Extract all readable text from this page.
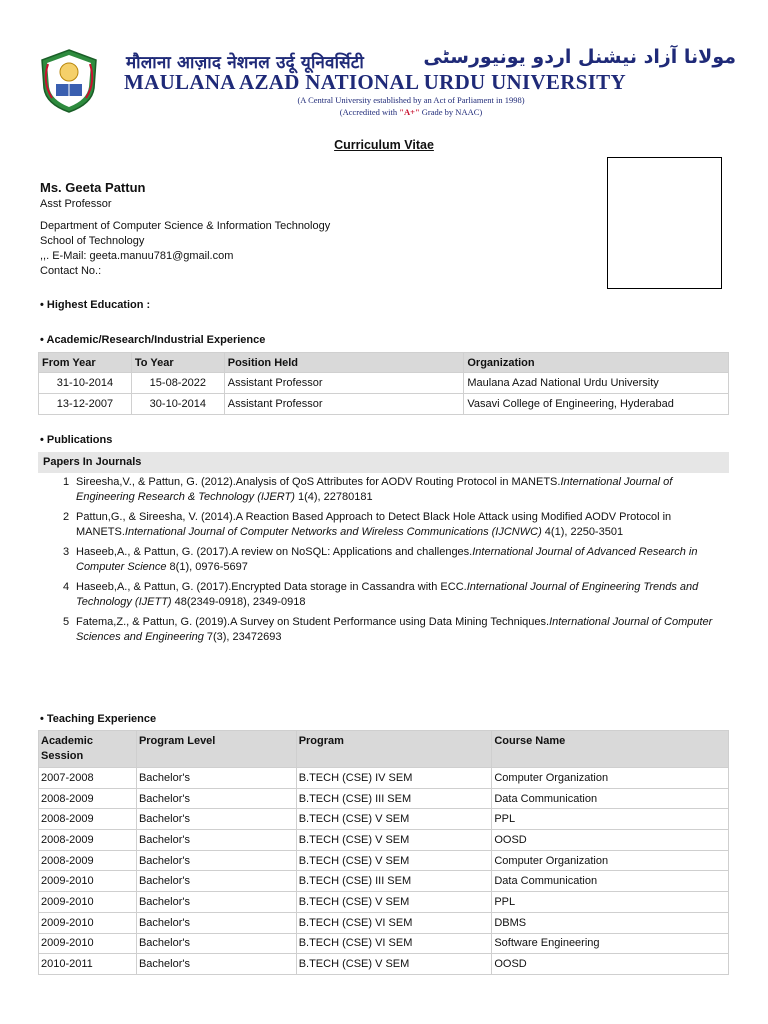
मौलाना आज़ाद नेशनल उर्दू यूनिवर्सिटी	مولانا آزاد نیشنل اردو یونیورسٹی
MAULANA AZAD NATIONAL URDU UNIVERSITY
(A Central University established by an Act of Parliament in 1998)
(Accredited with "A+" Grade by NAAC)
Curriculum Vitae
Ms. Geeta Pattun
Asst Professor
Department of Computer Science & Information Technology
School of Technology
,,. E-Mail: geeta.manuu781@gmail.com
Contact No.:
• Highest Education :
• Academic/Research/Industrial Experience
From Year	To Year	Position Held	Organization
31-10-2014	15-08-2022	Assistant Professor	Maulana Azad National Urdu University
13-12-2007	30-10-2014	Assistant Professor	Vasavi College of Engineering, Hyderabad
• Publications
Papers In Journals
1 Sireesha,V., & Pattun, G. (2012).Analysis of QoS Attributes for AODV Routing Protocol in MANETS.International Journal of Engineering Research & Technology (IJERT) 1(4), 22780181
2 Pattun,G., & Sireesha, V. (2014).A Reaction Based Approach to Detect Black Hole Attack using Modified AODV Protocol in MANETS.International Journal of Computer Networks and Wireless Communications (IJCNWC) 4(1), 2250-3501
3 Haseeb,A., & Pattun, G. (2017).A review on NoSQL: Applications and challenges.International Journal of Advanced Research in Computer Science 8(1), 0976-5697
4 Haseeb,A., & Pattun, G. (2017).Encrypted Data storage in Cassandra with ECC.International Journal of Engineering Trends and Technology (IJETT) 48(2349-0918), 2349-0918
5 Fatema,Z., & Pattun, G. (2019).A Survey on Student Performance using Data Mining Techniques.International Journal of Computer Sciences and Engineering 7(3), 23472693
• Teaching Experience
Academic Session	Program Level	Program	Course Name
2007-2008	Bachelor's	B.TECH (CSE) IV SEM	Computer Organization
2008-2009	Bachelor's	B.TECH (CSE) III SEM	Data Communication
2008-2009	Bachelor's	B.TECH (CSE) V SEM	PPL
2008-2009	Bachelor's	B.TECH (CSE) V SEM	OOSD
2008-2009	Bachelor's	B.TECH (CSE) V SEM	Computer Organization
2009-2010	Bachelor's	B.TECH (CSE) III SEM	Data Communication
2009-2010	Bachelor's	B.TECH (CSE) V SEM	PPL
2009-2010	Bachelor's	B.TECH (CSE) VI SEM	DBMS
2009-2010	Bachelor's	B.TECH (CSE) VI SEM	Software Engineering
2010-2011	Bachelor's	B.TECH (CSE) V SEM	OOSD
